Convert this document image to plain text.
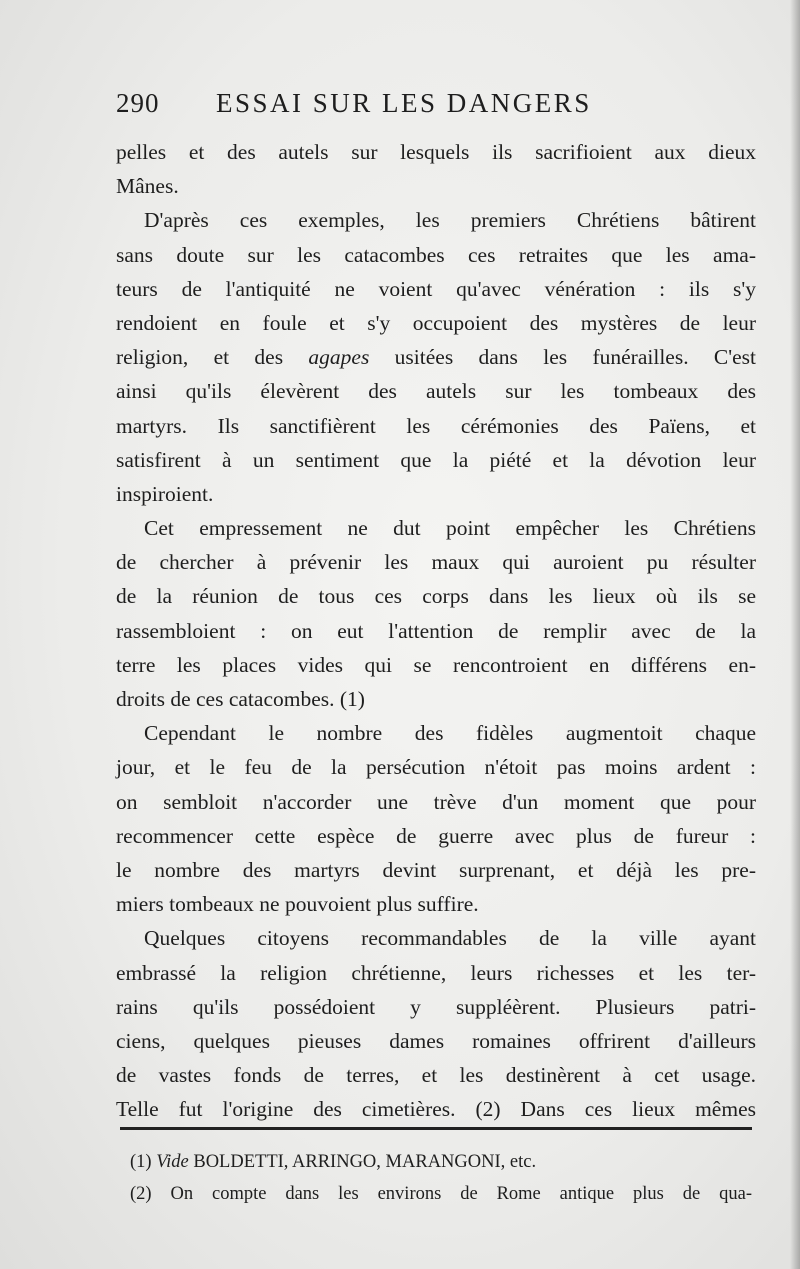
290 ESSAI SUR LES DANGERS
pelles et des autels sur lesquels ils sacrifioient aux dieux
Mânes.
D'après ces exemples, les premiers Chrétiens bâtirent
sans doute sur les catacombes ces retraites que les ama-
teurs de l'antiquité ne voient qu'avec vénération : ils s'y
rendoient en foule et s'y occupoient des mystères de leur
religion, et des agapes usitées dans les funérailles. C'est
ainsi qu'ils élevèrent des autels sur les tombeaux des
martyrs. Ils sanctifièrent les cérémonies des Païens, et
satisfirent à un sentiment que la piété et la dévotion leur
inspiroient.
Cet empressement ne dut point empêcher les Chrétiens
de chercher à prévenir les maux qui auroient pu résulter
de la réunion de tous ces corps dans les lieux où ils se
rassembloient : on eut l'attention de remplir avec de la
terre les places vides qui se rencontroient en différens en-
droits de ces catacombes. (1)
Cependant le nombre des fidèles augmentoit chaque
jour, et le feu de la persécution n'étoit pas moins ardent :
on sembloit n'accorder une trève d'un moment que pour
recommencer cette espèce de guerre avec plus de fureur :
le nombre des martyrs devint surprenant, et déjà les pre-
miers tombeaux ne pouvoient plus suffire.
Quelques citoyens recommandables de la ville ayant
embrassé la religion chrétienne, leurs richesses et les ter-
rains qu'ils possédoient y suppléèrent. Plusieurs patri-
ciens, quelques pieuses dames romaines offrirent d'ailleurs
de vastes fonds de terres, et les destinèrent à cet usage.
Telle fut l'origine des cimetières. (2) Dans ces lieux mêmes
(1) Vide BOLDETTI, ARRINGO, MARANGONI, etc.
(2) On compte dans les environs de Rome antique plus de qua-
